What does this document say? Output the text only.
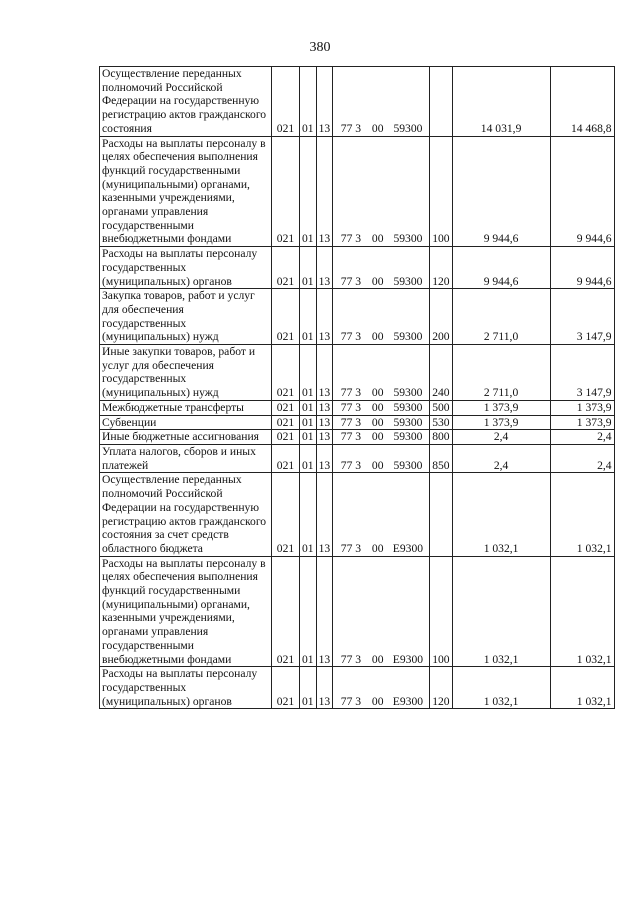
380
Осуществление переданных полномочий Российской Федерации на государственную регистрацию актов гражданского состояния	021	01	13	77 3	00	59300		14 031,9	14 468,8
Расходы на выплаты персоналу в целях обеспечения выполнения функций государственными (муниципальными) органами, казенными учреждениями, органами управления государственными внебюджетными фондами	021	01	13	77 3	00	59300	100	9 944,6	9 944,6
Расходы на выплаты персоналу государственных (муниципальных) органов	021	01	13	77 3	00	59300	120	9 944,6	9 944,6
Закупка товаров, работ и услуг для обеспечения государственных (муниципальных) нужд	021	01	13	77 3	00	59300	200	2 711,0	3 147,9
Иные закупки товаров, работ и услуг для обеспечения государственных (муниципальных) нужд	021	01	13	77 3	00	59300	240	2 711,0	3 147,9
Межбюджетные трансферты	021	01	13	77 3	00	59300	500	1 373,9	1 373,9
Субвенции	021	01	13	77 3	00	59300	530	1 373,9	1 373,9
Иные бюджетные ассигнования	021	01	13	77 3	00	59300	800	2,4	2,4
Уплата налогов, сборов и иных платежей	021	01	13	77 3	00	59300	850	2,4	2,4
Осуществление переданных полномочий Российской Федерации на государственную регистрацию актов гражданского состояния за счет средств областного бюджета	021	01	13	77 3	00	Е9300		1 032,1	1 032,1
Расходы на выплаты персоналу в целях обеспечения выполнения функций государственными (муниципальными) органами, казенными учреждениями, органами управления государственными внебюджетными фондами	021	01	13	77 3	00	Е9300	100	1 032,1	1 032,1
Расходы на выплаты персоналу государственных (муниципальных) органов	021	01	13	77 3	00	Е9300	120	1 032,1	1 032,1
